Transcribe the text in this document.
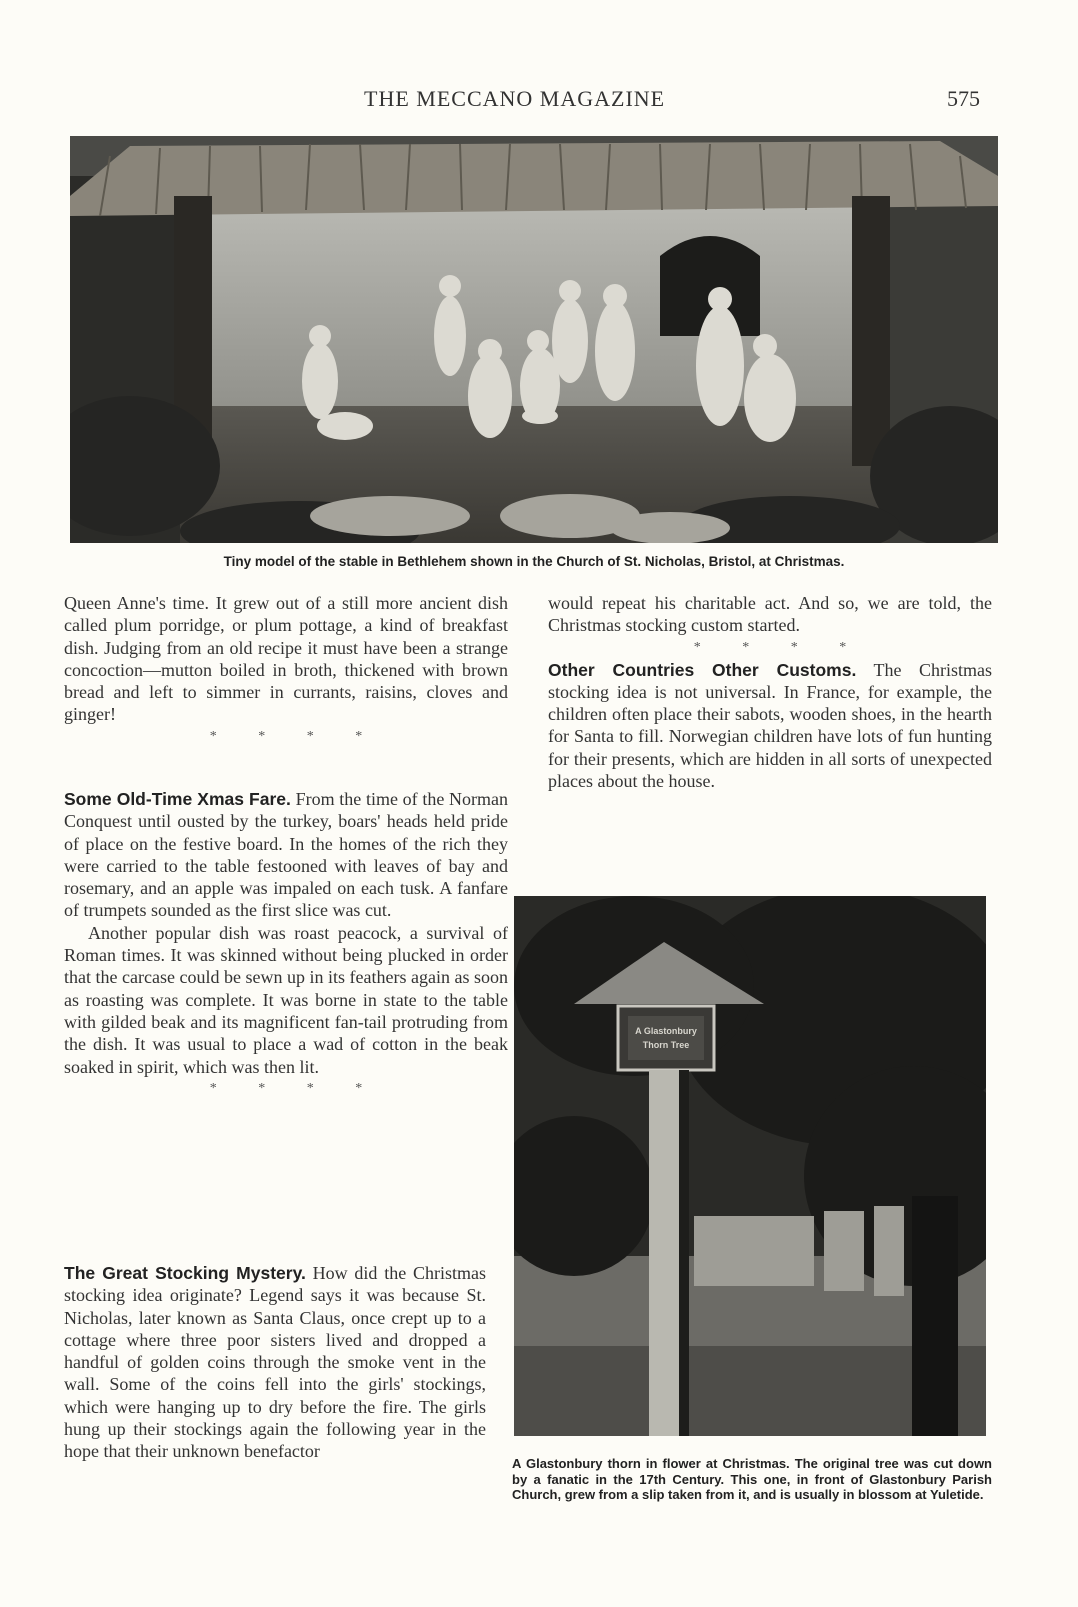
THE MECCANO MAGAZINE	575
Tiny model of the stable in Bethlehem shown in the Church of St. Nicholas, Bristol, at Christmas.

Queen Anne's time. It grew out of a still more ancient dish called plum porridge, or plum pottage, a kind of breakfast dish. Judging from an old recipe it must have been a strange concoction—mutton boiled in broth, thickened with brown bread and left to simmer in currants, raisins, cloves and ginger!

* * * *

Some Old-Time Xmas Fare. From the time of the Norman Conquest until ousted by the turkey, boars' heads held pride of place on the festive board. In the homes of the rich they were carried to the table festooned with leaves of bay and rosemary, and an apple was impaled on each tusk. A fanfare of trumpets sounded as the first slice was cut.

Another popular dish was roast peacock, a survival of Roman times. It was skinned without being plucked in order that the carcase could be sewn up in its feathers again as soon as roasting was complete. It was borne in state to the table with gilded beak and its magnificent fan-tail protruding from the dish. It was usual to place a wad of cotton in the beak soaked in spirit, which was then lit.

* * * *

The Great Stocking Mystery. How did the Christmas stocking idea originate? Legend says it was because St. Nicholas, later known as Santa Claus, once crept up to a cottage where three poor sisters lived and dropped a handful of golden coins through the smoke vent in the wall. Some of the coins fell into the girls' stockings, which were hanging up to dry before the fire. The girls hung up their stockings again the following year in the hope that their unknown benefactor

would repeat his charitable act. And so, we are told, the Christmas stocking custom started.

* * * *

Other Countries Other Customs. The Christmas stocking idea is not universal. In France, for example, the children often place their sabots, wooden shoes, in the hearth for Santa to fill. Norwegian children have lots of fun hunting for their presents, which are hidden in all sorts of unexpected places about the house.

A Glastonbury
Thorn Tree
A Glastonbury thorn in flower at Christmas. The original tree was cut down by a fanatic in the 17th Century. This one, in front of Glastonbury Parish Church, grew from a slip taken from it, and is usually in blossom at Yuletide.
